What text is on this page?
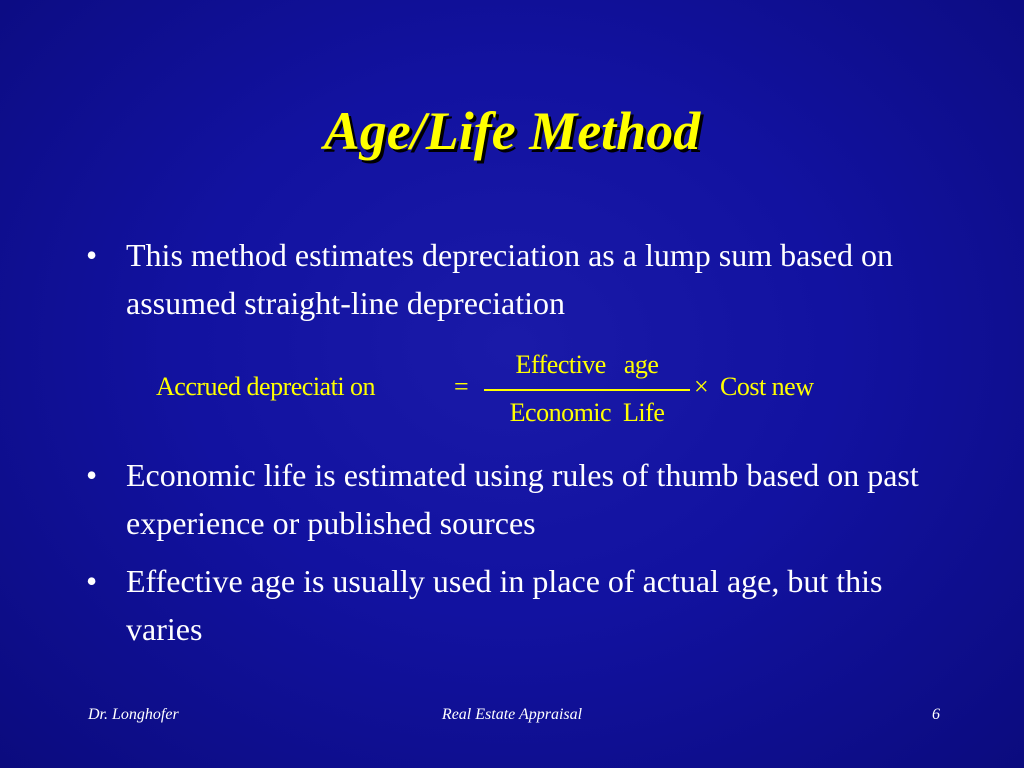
Age/Life Method
• This method estimates depreciation as a lump sum based on assumed straight-line depreciation
Accrued depreciati on	=
Effective   age
Economic  Life
× Cost new
• Economic life is estimated using rules of thumb based on past experience or published sources
• Effective age is usually used in place of actual age, but this varies
Dr. Longhofer	Real Estate Appraisal	6
